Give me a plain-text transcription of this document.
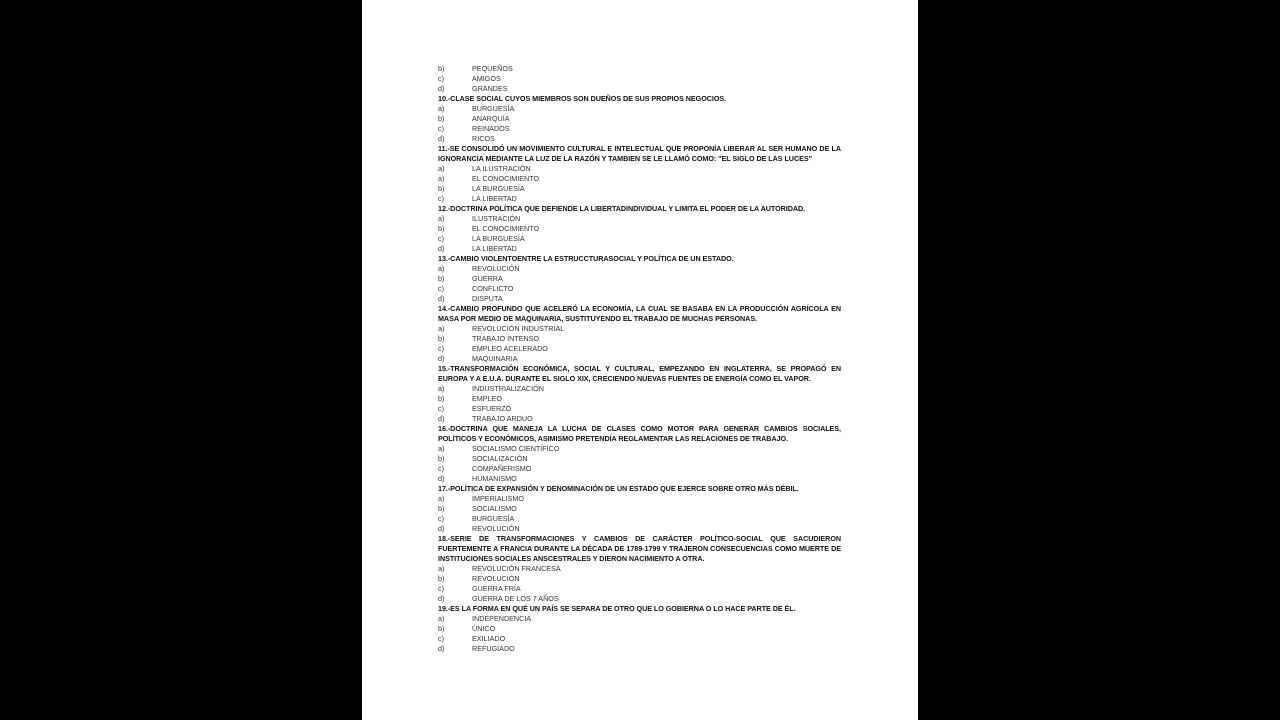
b)	PEQUEÑOS
c)	AMIGOS
d)	GRANDES
10.-CLASE SOCIAL CUYOS MIEMBROS SON DUEÑOS DE SUS PROPIOS NEGOCIOS.
a)	BURGUESÍA
b)	ANARQUÍA
c)	REINADOS
d)	RICOS
11.-SE CONSOLIDÓ UN MOVIMIENTO CULTURAL E INTELECTUAL QUE PROPONÍA LIBERAR AL SER HUMANO DE LA IGNORANCIA MEDIANTE LA LUZ DE LA RAZÓN Y TAMBIEN SE LE LLAMÓ COMO: "EL SIGLO DE LAS LUCES"
a)	LA ILUSTRACIÓN
a)	EL CONOCIMIENTO
b)	LA BURGUESÍA
c)	LA LIBERTAD
12.-DOCTRINA POLÍTICA QUE DEFIENDE LA LIBERTADINDIVIDUAL Y LIMITA EL PODER DE LA AUTORIDAD.
a)	ILUSTRACIÓN
b)	EL CONOCIMIENTO
c)	LA BURGUESÍA
d)	LA LIBERTAD
13.-CAMBIO VIOLENTOENTRE LA ESTRUCCTURASOCIAL Y POLÍTICA DE UN ESTADO.
a)	REVOLUCIÓN
b)	GUERRA
c)	CONFLICTO
d)	DISPUTA
14.-CAMBIO PROFUNDO QUE ACELERÓ LA ECONOMÍA, LA CUAL SE BASABA EN LA PRODUCCIÓN AGRÍCOLA EN MASA POR MEDIO DE MAQUINARIA, SUSTITUYENDO EL TRABAJO DE MUCHAS PERSONAS.
a)	REVOLUCIÓN INDUSTRIAL
b)	TRABAJO INTENSO
c)	EMPLEO ACELERADO
d)	MAQUINARIA
15.-TRANSFORMACIÓN ECONÓMICA, SOCIAL Y CULTURAL, EMPEZANDO EN INGLATERRA, SE PROPAGÓ EN EUROPA Y A E.U.A. DURANTE EL SIGLO XIX, CRECIENDO NUEVAS FUENTES DE ENERGÍA COMO EL VAPOR.
a)	INDUSTRIALIZACIÓN
b)	EMPLEO
c)	ESFUERZO
d)	TRABAJO ARDUO
16.-DOCTRINA QUE MANEJA LA LUCHA DE CLASES COMO MOTOR PARA GENERAR CAMBIOS SOCIALES, POLÍTICOS Y ECONÓMICOS, ASIMISMO PRETENDÍA REGLAMENTAR LAS RELACIONES DE TRABAJO.
a)	SOCIALISMO CIENTÍFICO
b)	SOCIALIZACIÓN
c)	COMPAÑERISMO
d)	HUMANISMO
17.-POLÍTICA DE EXPANSIÓN Y DENOMINACIÓN DE UN ESTADO QUE EJERCE SOBRE OTRO MÁS DÉBIL.
a)	IMPERIALISMO
b)	SOCIALISMO
c)	BURGUESÍA
d)	REVOLUCIÓN
18.-SERIE DE TRANSFORMACIONES Y CAMBIOS DE CARÁCTER POLÍTICO-SOCIAL QUE SACUDIERON FUERTEMENTE A FRANCIA DURANTE LA DÉCADA DE 1789-1799 Y TRAJERON CONSECUENCIAS COMO MUERTE DE INSTITUCIONES SOCIALES ANSCESTRALES Y DIERON NACIMIENTO A OTRA.
a)	REVOLUCIÓN FRANCESA
b)	REVOLUCIÓN
c)	GUERRA FRÍA
d)	GUERRA DE LOS 7 AÑOS
19.-ES LA FORMA EN QUÉ UN PAÍS SE SEPARA DE OTRO QUE LO GOBIERNA O LO HACE PARTE DE ÉL.
a)	INDEPENDENCIA
b)	ÚNICO
c)	EXILIADO
d)	REFUGIADO
